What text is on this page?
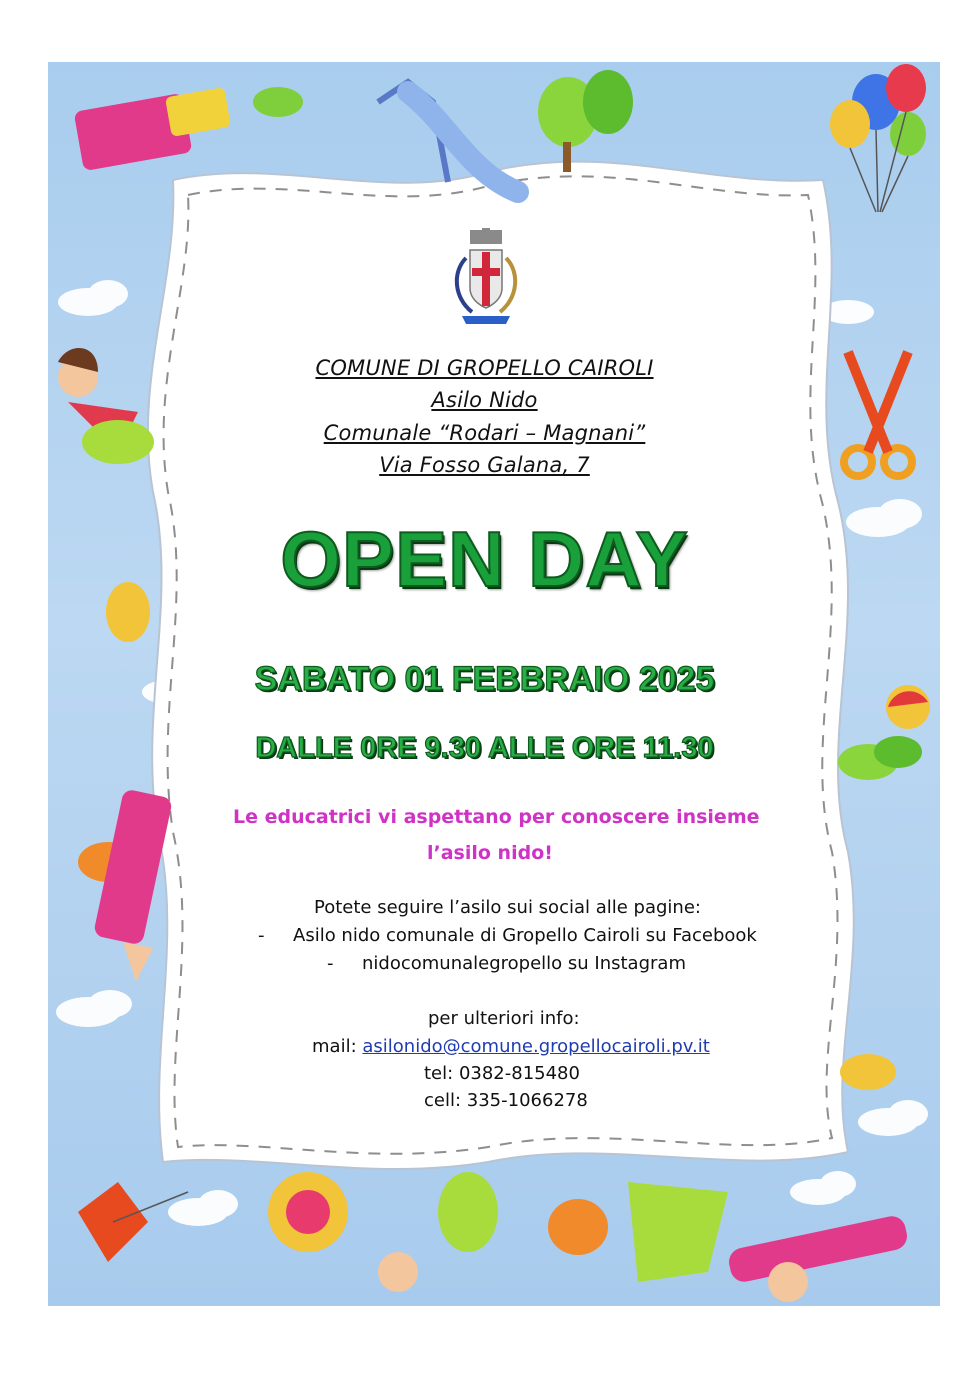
COMUNE DI GROPELLO CAIROLI
Asilo Nido
Comunale “Rodari – Magnani”
Via Fosso Galana, 7
OPEN DAY
SABATO 01 FEBBRAIO 2025
DALLE 0RE 9.30 ALLE ORE 11.30
Le educatrici vi aspettano per conoscere insieme
l’asilo nido!
Potete seguire l’asilo sui social alle pagine:
- Asilo nido comunale di Gropello Cairoli su Facebook
- nidocomunalegropello su Instagram
per ulteriori info:
mail: asilonido@comune.gropellocairoli.pv.it
tel: 0382-815480
cell: 335-1066278
